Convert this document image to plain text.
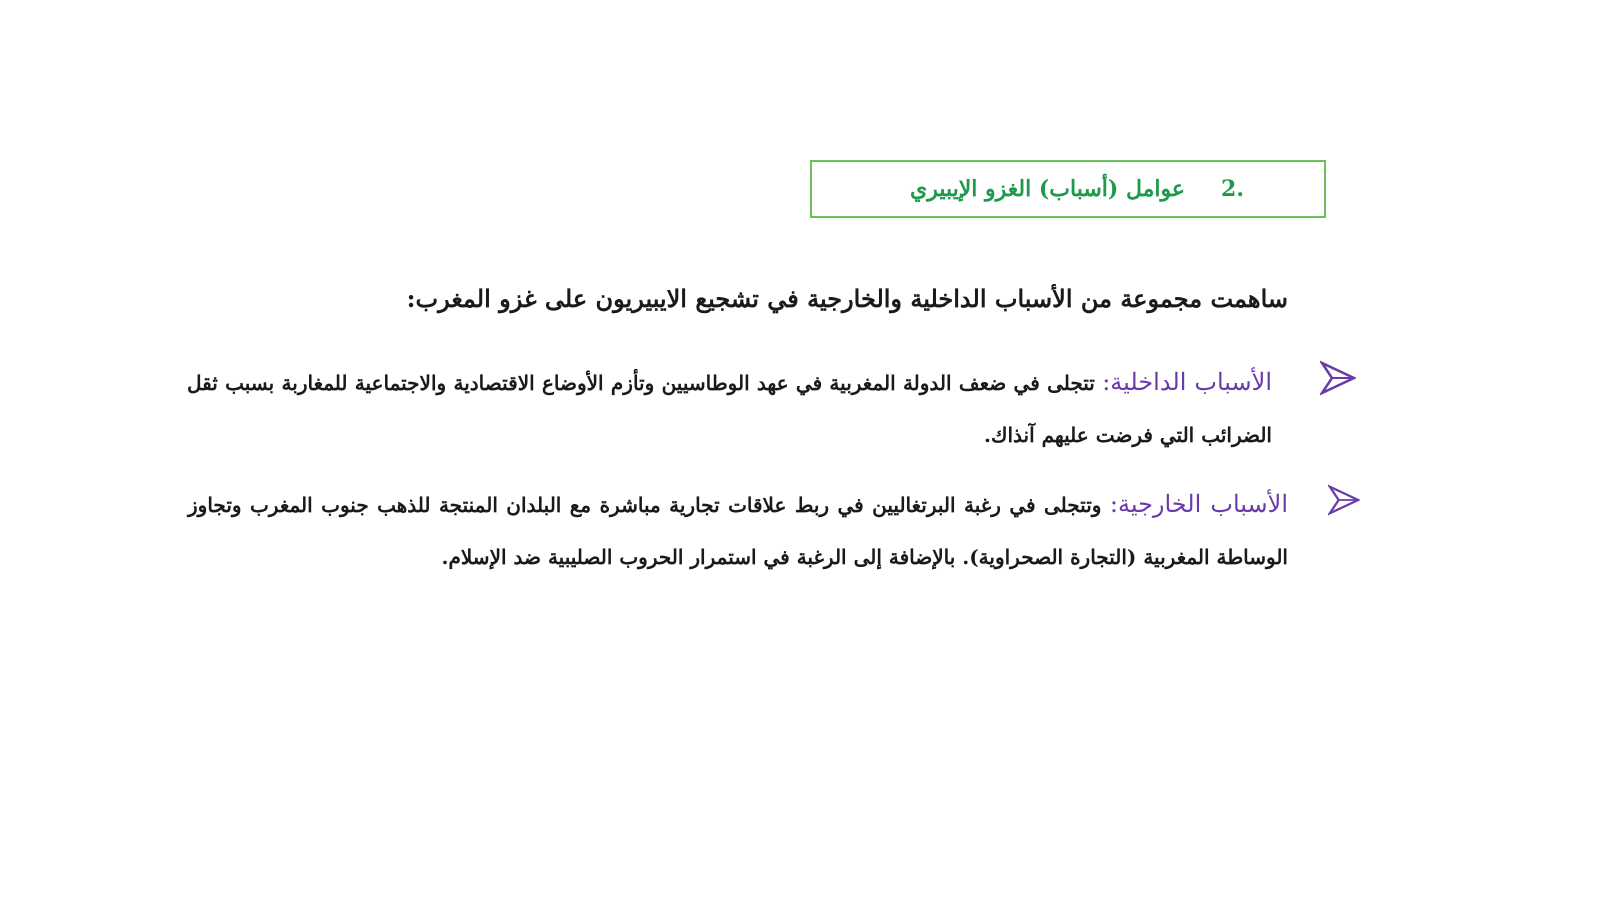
2.
عوامل (أسباب) الغزو الإيبيري
ساهمت مجموعة من الأسباب الداخلية والخارجية في تشجيع الايبيريون على غزو المغرب:
الأسباب الداخلية: تتجلى في ضعف الدولة المغربية في عهد الوطاسيين وتأزم الأوضاع الاقتصادية والاجتماعية للمغاربة بسبب ثقل الضرائب التي فرضت عليهم آنذاك.
الأسباب الخارجية: وتتجلى في رغبة البرتغاليين في ربط علاقات تجارية مباشرة مع البلدان المنتجة للذهب جنوب المغرب وتجاوز الوساطة المغربية (التجارة الصحراوية). بالإضافة إلى الرغبة في استمرار الحروب الصليبية ضد الإسلام.
